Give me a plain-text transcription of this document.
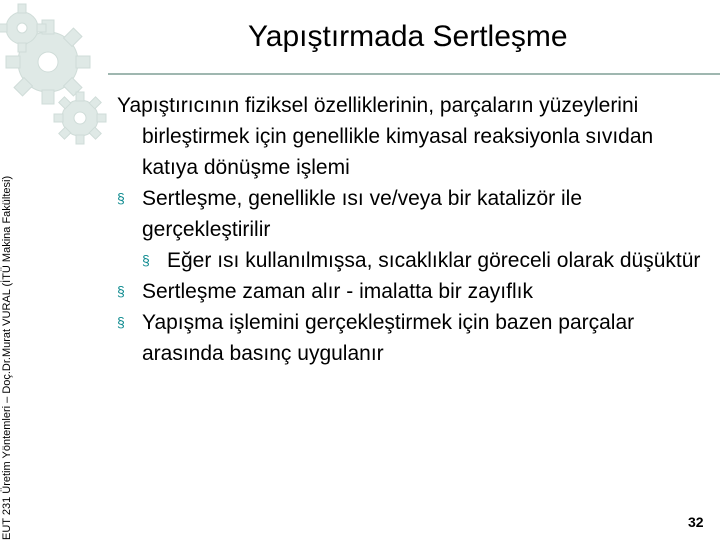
EUT 231 Üretim Yöntemleri – Doç.Dr.Murat VURAL (İTÜ Makina Fakültesi)
Yapıştırmada Sertleşme

Yapıştırıcının fiziksel özelliklerinin, parçaların yüzeylerini birleştirmek için genellikle kimyasal reaksiyonla sıvıdan katıya dönüşme işlemi

§ Sertleşme, genellikle ısı ve/veya bir katalizör ile gerçekleştirilir

§ Eğer ısı kullanılmışsa, sıcaklıklar göreceli olarak düşüktür

§ Sertleşme zaman alır ‑ imalatta bir zayıflık

§ Yapışma işlemini gerçekleştirmek için bazen parçalar arasında basınç uygulanır

32
